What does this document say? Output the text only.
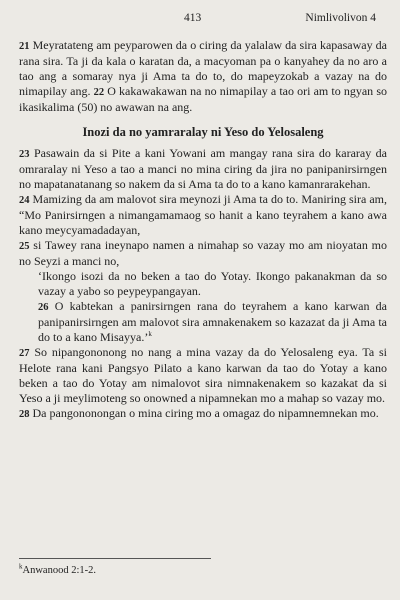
413	Nimlivolivon 4

21 Meyratateng am peyparowen da o ciring da yalalaw da sira kapasaway da rana sira. Ta ji da kala o karatan da, a macyoman pa o kanyahey da no aro a tao ang a somaray nya ji Ama ta do to, do mapeyzokab a vazay na do nimapilay ang. 22 O kakawakawan na no nimapilay a tao ori am to ngyan so ikasikalima (50) no awawan na ang.

Inozi da no yamraralay ni Yeso do Yelosaleng

23 Pasawain da si Pite a kani Yowani am mangay rana sira do kararay da omraralay ni Yeso a tao a manci no mina ciring da jira no panipanirsirngen no mapatanatanang so nakem da si Ama ta do to a kano kamanrarakehan.

24 Mamizing da am malovot sira meynozi ji Ama ta do to. Maniring sira am, “Mo Panirsirngen a nimangamamaog so hanit a kano teyrahem a kano awa kano meycyamadadayan,

25 si Tawey rana ineynapo namen a nimahap so vazay mo am nioyatan mo no Seyzi a manci no,

‘Ikongo isozi da no beken a tao do Yotay. Ikongo pakanakman da so vazay a yabo so peypeypangayan.

26 O kabtekan a panirsirngen rana do teyrahem a kano karwan da panipanirsirngen am malovot sira amnakenakem so kazazat da ji Ama ta do to a kano Misayya.’$^k$

27 So nipangononong no nang a mina vazay da do Yelosaleng eya. Ta si Helote rana kani Pangsyo Pilato a kano karwan da tao do Yotay a kano beken a tao do Yotay am nimalovot sira nimnakenakem so kazakat da si Yeso a ji meylimoteng so onowned a nipamnekan mo a mahap so vazay mo.

28 Da pangononongan o mina ciring mo a omagaz do nipamnemnekan mo.

$^k$Anwanood 2:1-2.
